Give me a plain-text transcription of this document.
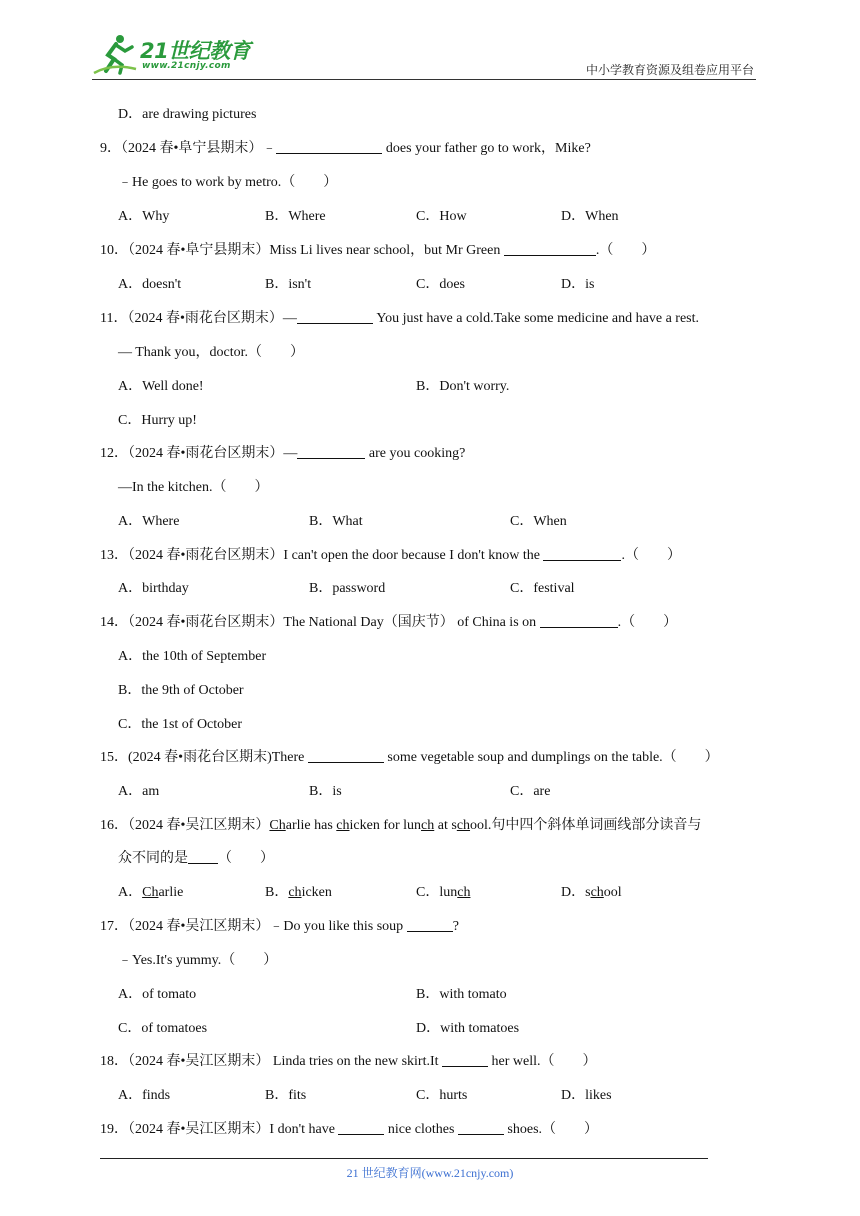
21世纪教育
www.21cnjy.com	中小学教育资源及组卷应用平台
D．are drawing pictures
9．（2024 春•阜宁县期末）﹣	does your father go to work，Mike?
﹣He goes to work by metro.（　　）
A．Why	B．Where	C．How	D．When
10．（2024 春•阜宁县期末）Miss Li lives near school，but Mr Green	.（　　）
A．doesn't	B．isn't	C．does	D．is
11．（2024 春•雨花台区期末）—	You just have a cold.Take some medicine and have a rest.
— Thank you，doctor.（　　）
A．Well done!	B．Don't worry.
C．Hurry up!
12．（2024 春•雨花台区期末）—	are you cooking?
—In the kitchen.（　　）
A．Where	B．What	C．When
13．（2024 春•雨花台区期末）I can't open the door because I don't know the	.（　　）
A．birthday	B．password	C．festival
14．（2024 春•雨花台区期末）The National Day（国庆节） of China is on	.（　　）
A．the 10th of September
B．the 9th of October
C．the 1st of October
15．(2024 春•雨花台区期末)There	some vegetable soup and dumplings on the table.（　　）
A．am	B．is	C．are
16．（2024 春•吴江区期末）Charlie has chicken for lunch at school.句中四个斜体单词画线部分读音与
众不同的是 （　　）
A．Charlie	B．chicken	C．lunch	D．school
17．（2024 春•吴江区期末）﹣Do you like this soup	?
﹣Yes.It's yummy.（　　）
A．of tomato	B．with tomato
C．of tomatoes	D．with tomatoes
18．（2024 春•吴江区期末） Linda tries on the new skirt.It	her well.（　　）
A．finds	B．fits	C．hurts	D．likes
19．（2024 春•吴江区期末）I don't have	nice clothes	shoes.（　　）
21 世纪教育网(www.21cnjy.com)
